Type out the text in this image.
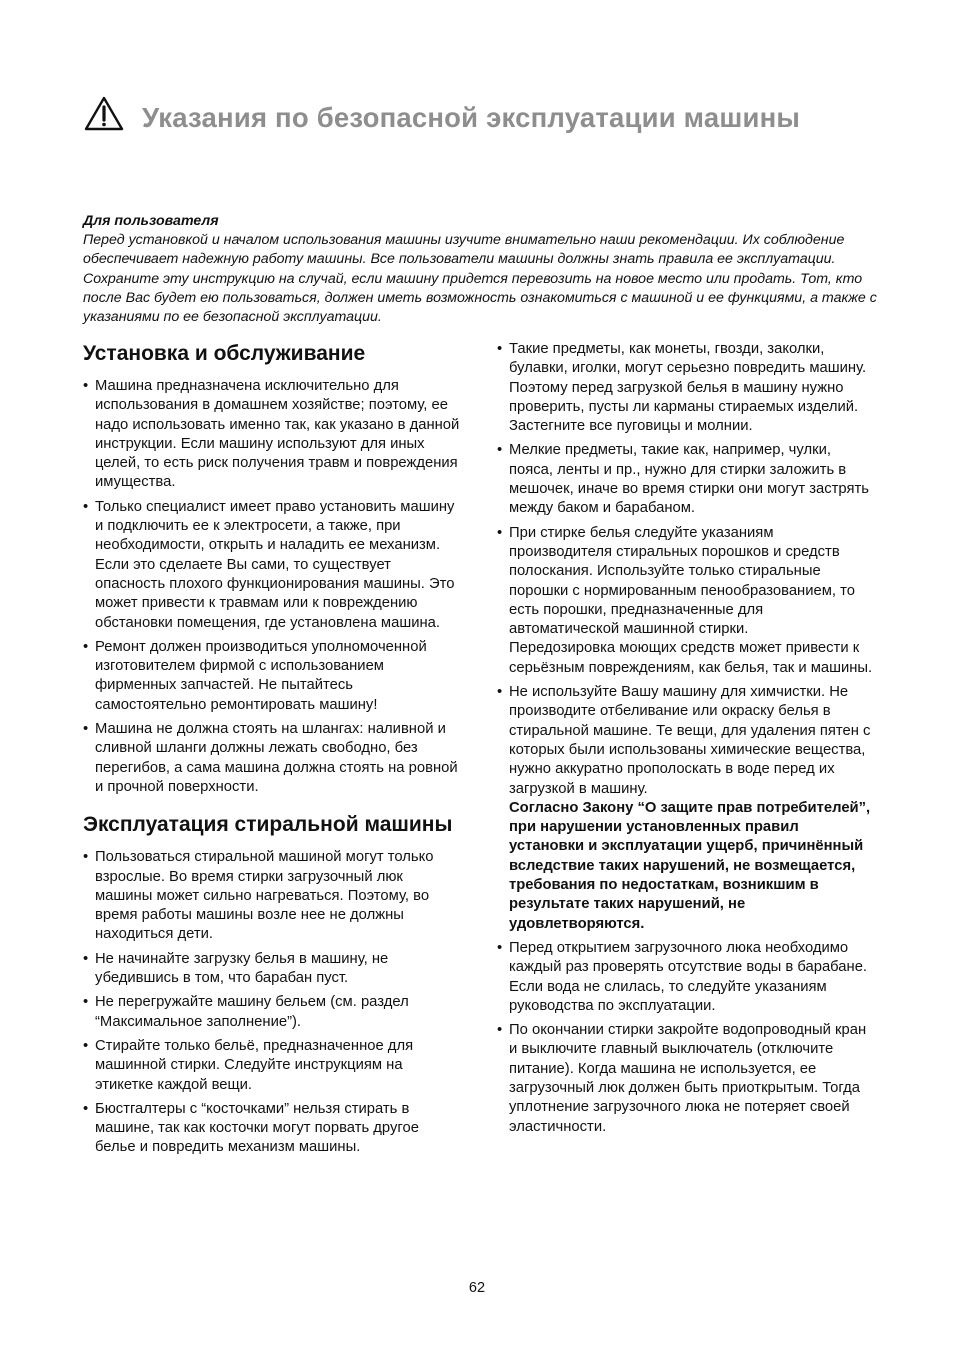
Указания по безопасной эксплуатации машины
Для пользователя

Перед установкой и началом использования машины изучите внимательно наши рекомендации. Их соблюдение обеспечивает надежную работу машины. Все пользователи машины должны знать правила ее эксплуатации. Сохраните эту инструкцию на случай, если машину придется перевозить на новое место или продать. Тот, кто после Вас будет ею пользоваться, должен иметь возможность ознакомиться с машиной и ее функциями, а также с указаниями по ее безопасной эксплуатации.

Установка и обслуживание
• Машина предназначена исключительно для использования в домашнем хозяйстве; поэтому, ее надо использовать именно так, как указано в данной инструкции. Если машину используют для иных целей, то есть риск получения травм и повреждения имущества.
• Только специалист имеет право установить машину и подключить ее к электросети, а также, при необходимости, открыть и наладить ее механизм.
Если это сделаете Вы сами, то существует опасность плохого функционирования машины. Это может привести к травмам или к повреждению обстановки помещения, где установлена машина.
• Ремонт должен производиться уполномоченной изготовителем фирмой с использованием фирменных запчастей. Не пытайтесь самостоятельно ремонтировать машину!
• Машина не должна стоять на шлангах: наливной и сливной шланги должны лежать свободно, без перегибов, а сама машина должна стоять на ровной и прочной поверхности.
Эксплуатация стиральной машины
• Пользоваться стиральной машиной могут только взрослые. Во время стирки загрузочный люк машины может сильно нагреваться. Поэтому, во время работы машины возле нее не должны находиться дети.
• Не начинайте загрузку белья в машину, не убедившись в том, что барабан пуст.
• Не перегружайте машину бельем (см. раздел “Максимальное заполнение”).
• Стирайте только бельё, предназначенное для машинной стирки. Следуйте инструкциям на этикетке каждой вещи.
• Бюстгалтеры с “косточками” нельзя стирать в машине, так как косточки могут порвать другое белье и повредить механизм машины.
• Такие предметы, как монеты, гвозди, заколки, булавки, иголки, могут серьезно повредить машину. Поэтому перед загрузкой белья в машину нужно проверить, пусты ли карманы стираемых изделий. Застегните все пуговицы и молнии.
• Мелкие предметы, такие как, например, чулки, пояса, ленты и пр., нужно для стирки заложить в мешочек, иначе во время стирки они могут застрять между баком и барабаном.
• При стирке белья следуйте указаниям производителя стиральных порошков и средств полоскания. Используйте только стиральные порошки с нормированным пенообразованием, то есть порошки, предназначенные для автоматической машинной стирки.
Передозировка моющих средств может привести к серьёзным повреждениям, как белья, так и машины.
• Не используйте Вашу машину для химчистки. Не производите отбеливание или окраску белья в стиральной машине. Те вещи, для удаления пятен с которых были использованы химические вещества, нужно аккуратно прополоскать в воде перед их загрузкой в машину.
Согласно Закону “О защите прав потребителей”, при нарушении установленных правил установки и эксплуатации ущерб, причинённый вследствие таких нарушений, не возмещается, требования по недостаткам, возникшим в результате таких нарушений, не удовлетворяются.
• Перед открытием загрузочного люка необходимо каждый раз проверять отсутствие воды в барабане. Если вода не слилась, то следуйте указаниям руководства по эксплуатации.
• По окончании стирки закройте водопроводный кран и выключите главный выключатель (отключите питание). Когда машина не используется, ее загрузочный люк должен быть приоткрытым. Тогда уплотнение загрузочного люка не потеряет своей эластичности.
62
